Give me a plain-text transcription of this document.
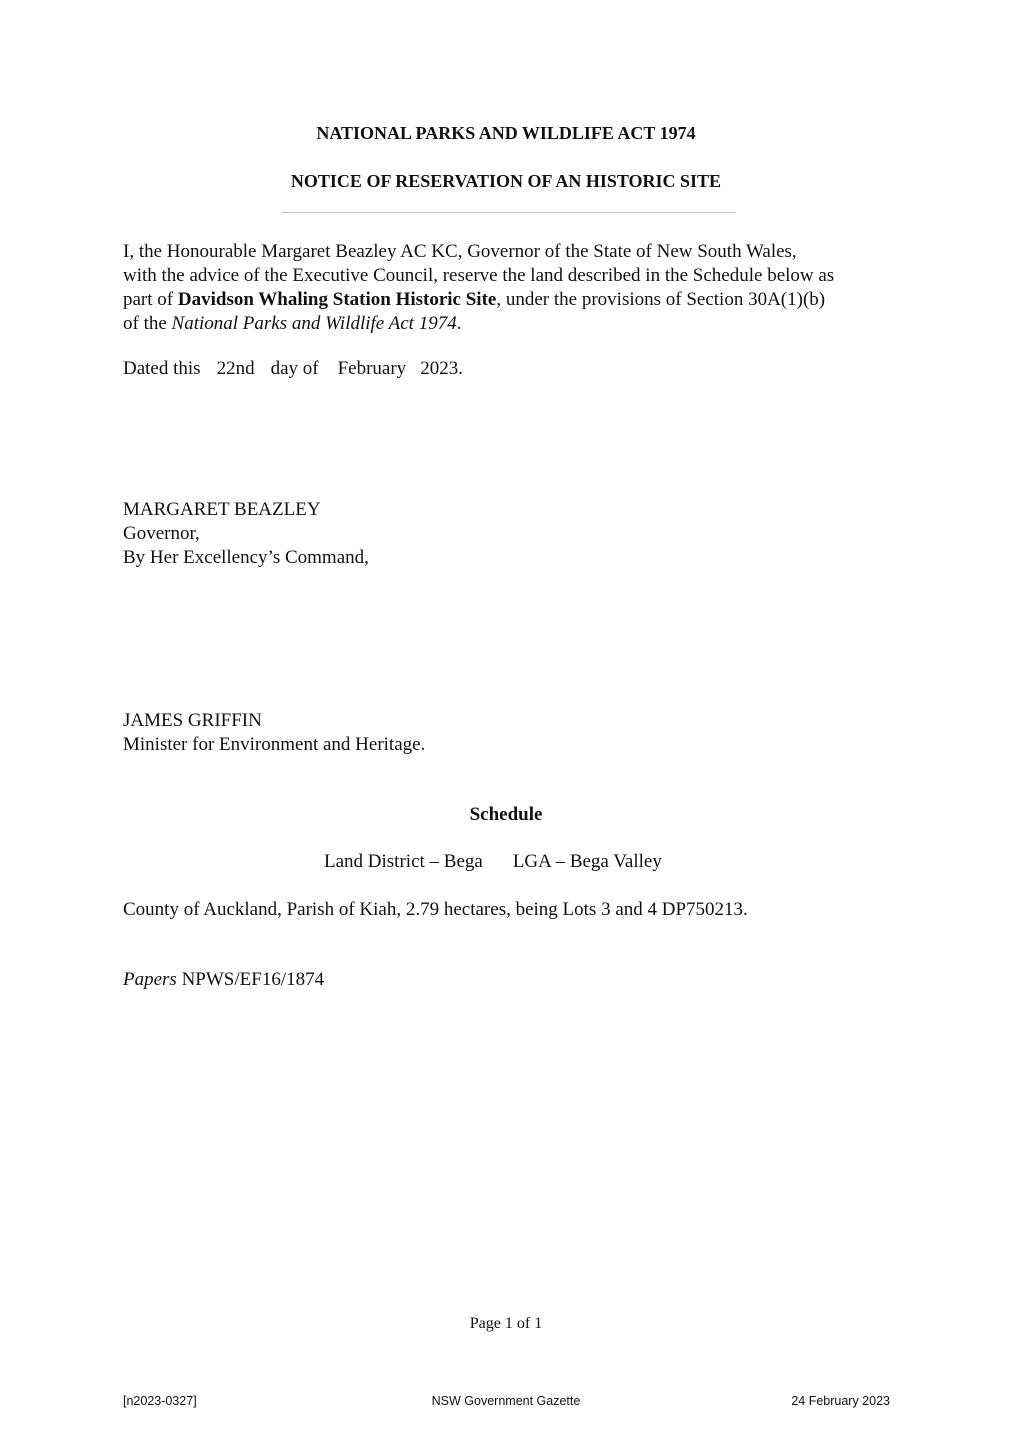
NATIONAL PARKS AND WILDLIFE ACT 1974
NOTICE OF RESERVATION OF AN HISTORIC SITE
I, the Honourable Margaret Beazley AC KC, Governor of the State of New South Wales,
with the advice of the Executive Council, reserve the land described in the Schedule below as
part of Davidson Whaling Station Historic Site, under the provisions of Section 30A(1)(b)
of the National Parks and Wildlife Act 1974.
Dated this 22nd day of February 2023.
MARGARET BEAZLEY
Governor,
By Her Excellency’s Command,
JAMES GRIFFIN
Minister for Environment and Heritage.
Schedule
Land District – Bega LGA – Bega Valley
County of Auckland, Parish of Kiah, 2.79 hectares, being Lots 3 and 4 DP750213.
Papers NPWS/EF16/1874
Page 1 of 1
[n2023-0327]	NSW Government Gazette	24 February 2023
